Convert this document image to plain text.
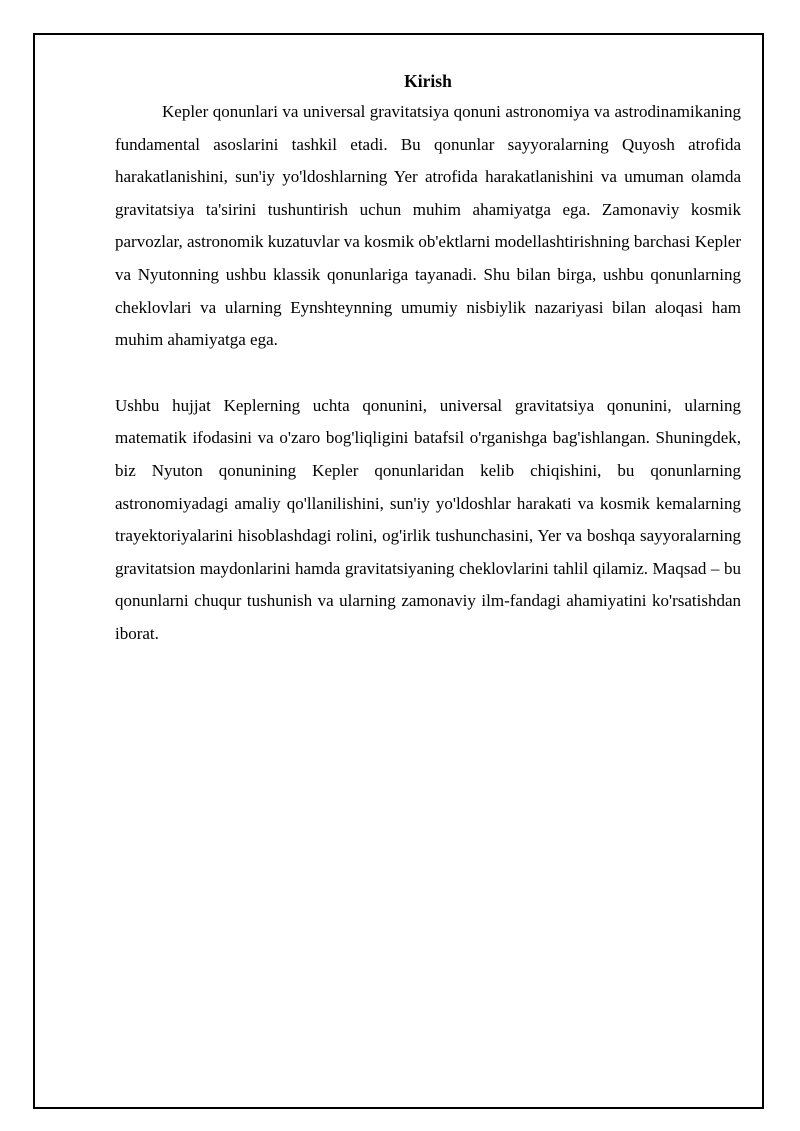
Kirish

Kepler qonunlari va universal gravitatsiya qonuni astronomiya va astrodinamikaning fundamental asoslarini tashkil etadi. Bu qonunlar sayyoralarning Quyosh atrofida harakatlanishini, sun'iy yo'ldoshlarning Yer atrofida harakatlanishini va umuman olamda gravitatsiya ta'sirini tushuntirish uchun muhim ahamiyatga ega. Zamonaviy kosmik parvozlar, astronomik kuzatuvlar va kosmik ob'ektlarni modellashtirishning barchasi Kepler va Nyutonning ushbu klassik qonunlariga tayanadi. Shu bilan birga, ushbu qonunlarning cheklovlari va ularning Eynshteynning umumiy nisbiylik nazariyasi bilan aloqasi ham muhim ahamiyatga ega.

Ushbu hujjat Keplerning uchta qonunini, universal gravitatsiya qonunini, ularning matematik ifodasini va o'zaro bog'liqligini batafsil o'rganishga bag'ishlangan. Shuningdek, biz Nyuton qonunining Kepler qonunlaridan kelib chiqishini, bu qonunlarning astronomiyadagi amaliy qo'llanilishini, sun'iy yo'ldoshlar harakati va kosmik kemalarning trayektoriyalarini hisoblashdagi rolini, og'irlik tushunchasini, Yer va boshqa sayyoralarning gravitatsion maydonlarini hamda gravitatsiyaning cheklovlarini tahlil qilamiz. Maqsad – bu qonunlarni chuqur tushunish va ularning zamonaviy ilm-fandagi ahamiyatini ko'rsatishdan iborat.
